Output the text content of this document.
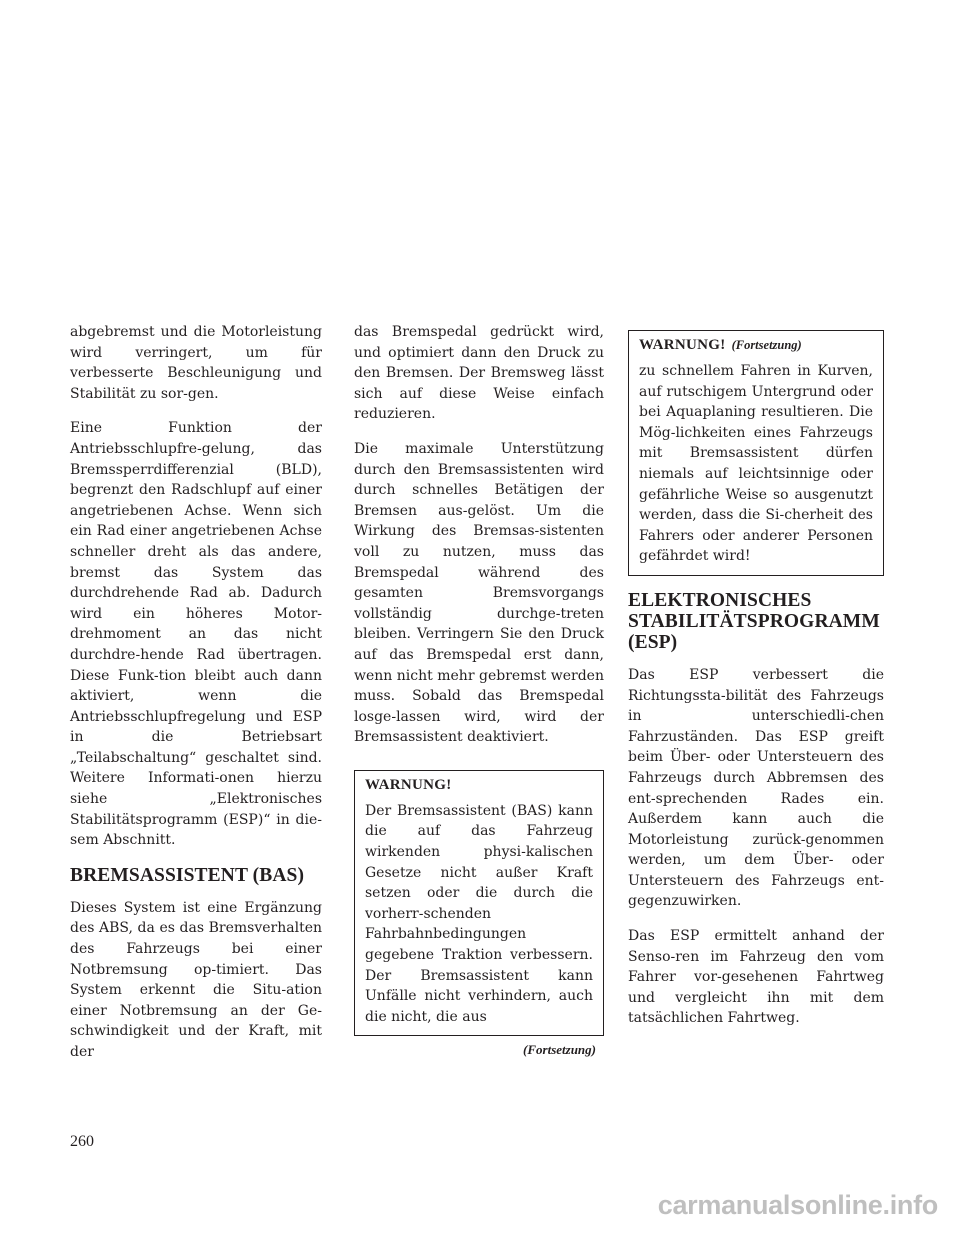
abgebremst und die Motorleistung wird verringert, um für verbesserte Beschleunigung und Stabilität zu sor-gen.

Eine Funktion der Antriebsschlupfre-gelung, das Bremssperrdifferenzial (BLD), begrenzt den Radschlupf auf einer angetriebenen Achse. Wenn sich ein Rad einer angetriebenen Achse schneller dreht als das andere, bremst das System das durchdrehende Rad ab. Dadurch wird ein höheres Motor-drehmoment an das nicht durchdre-hende Rad übertragen. Diese Funk-tion bleibt auch dann aktiviert, wenn die Antriebsschlupfregelung und ESP in die Betriebsart „Teilabschaltung“ geschaltet sind. Weitere Informati-onen hierzu siehe „Elektronisches Stabilitätsprogramm (ESP)“ in die-sem Abschnitt.

BREMSASSISTENT (BAS)

Dieses System ist eine Ergänzung des ABS, da es das Bremsverhalten des Fahrzeugs bei einer Notbremsung op-timiert. Das System erkennt die Situ-ation einer Notbremsung an der Ge-schwindigkeit und der Kraft, mit der

das Bremspedal gedrückt wird, und optimiert dann den Druck zu den Bremsen. Der Bremsweg lässt sich auf diese Weise einfach reduzieren.

Die maximale Unterstützung durch den Bremsassistenten wird durch schnelles Betätigen der Bremsen aus-gelöst. Um die Wirkung des Bremsas-sistenten voll zu nutzen, muss das Bremspedal während des gesamten Bremsvorgangs vollständig durchge-treten bleiben. Verringern Sie den Druck auf das Bremspedal erst dann, wenn nicht mehr gebremst werden muss. Sobald das Bremspedal losge-lassen wird, wird der Bremsassistent deaktiviert.

WARNUNG!

Der Bremsassistent (BAS) kann die auf das Fahrzeug wirkenden physi-kalischen Gesetze nicht außer Kraft setzen oder die durch die vorherr-schenden Fahrbahnbedingungen gegebene Traktion verbessern. Der Bremsassistent kann Unfälle nicht verhindern, auch die nicht, die aus

(Fortsetzung)
WARNUNG! (Fortsetzung)

zu schnellem Fahren in Kurven, auf rutschigem Untergrund oder bei Aquaplaning resultieren. Die Mög-lichkeiten eines Fahrzeugs mit Bremsassistent dürfen niemals auf leichtsinnige oder gefährliche Weise so ausgenutzt werden, dass die Si-cherheit des Fahrers oder anderer Personen gefährdet wird!

ELEKTRONISCHES STABILITÄTSPROGRAMM (ESP)

Das ESP verbessert die Richtungssta-bilität des Fahrzeugs in unterschiedli-chen Fahrzuständen. Das ESP greift beim Über- oder Untersteuern des Fahrzeugs durch Abbremsen des ent-sprechenden Rades ein. Außerdem kann auch die Motorleistung zurück-genommen werden, um dem Über- oder Untersteuern des Fahrzeugs ent-gegenzuwirken.

Das ESP ermittelt anhand der Senso-ren im Fahrzeug den vom Fahrer vor-gesehenen Fahrtweg und vergleicht ihn mit dem tatsächlichen Fahrtweg.

260
carmanualsonline.info
